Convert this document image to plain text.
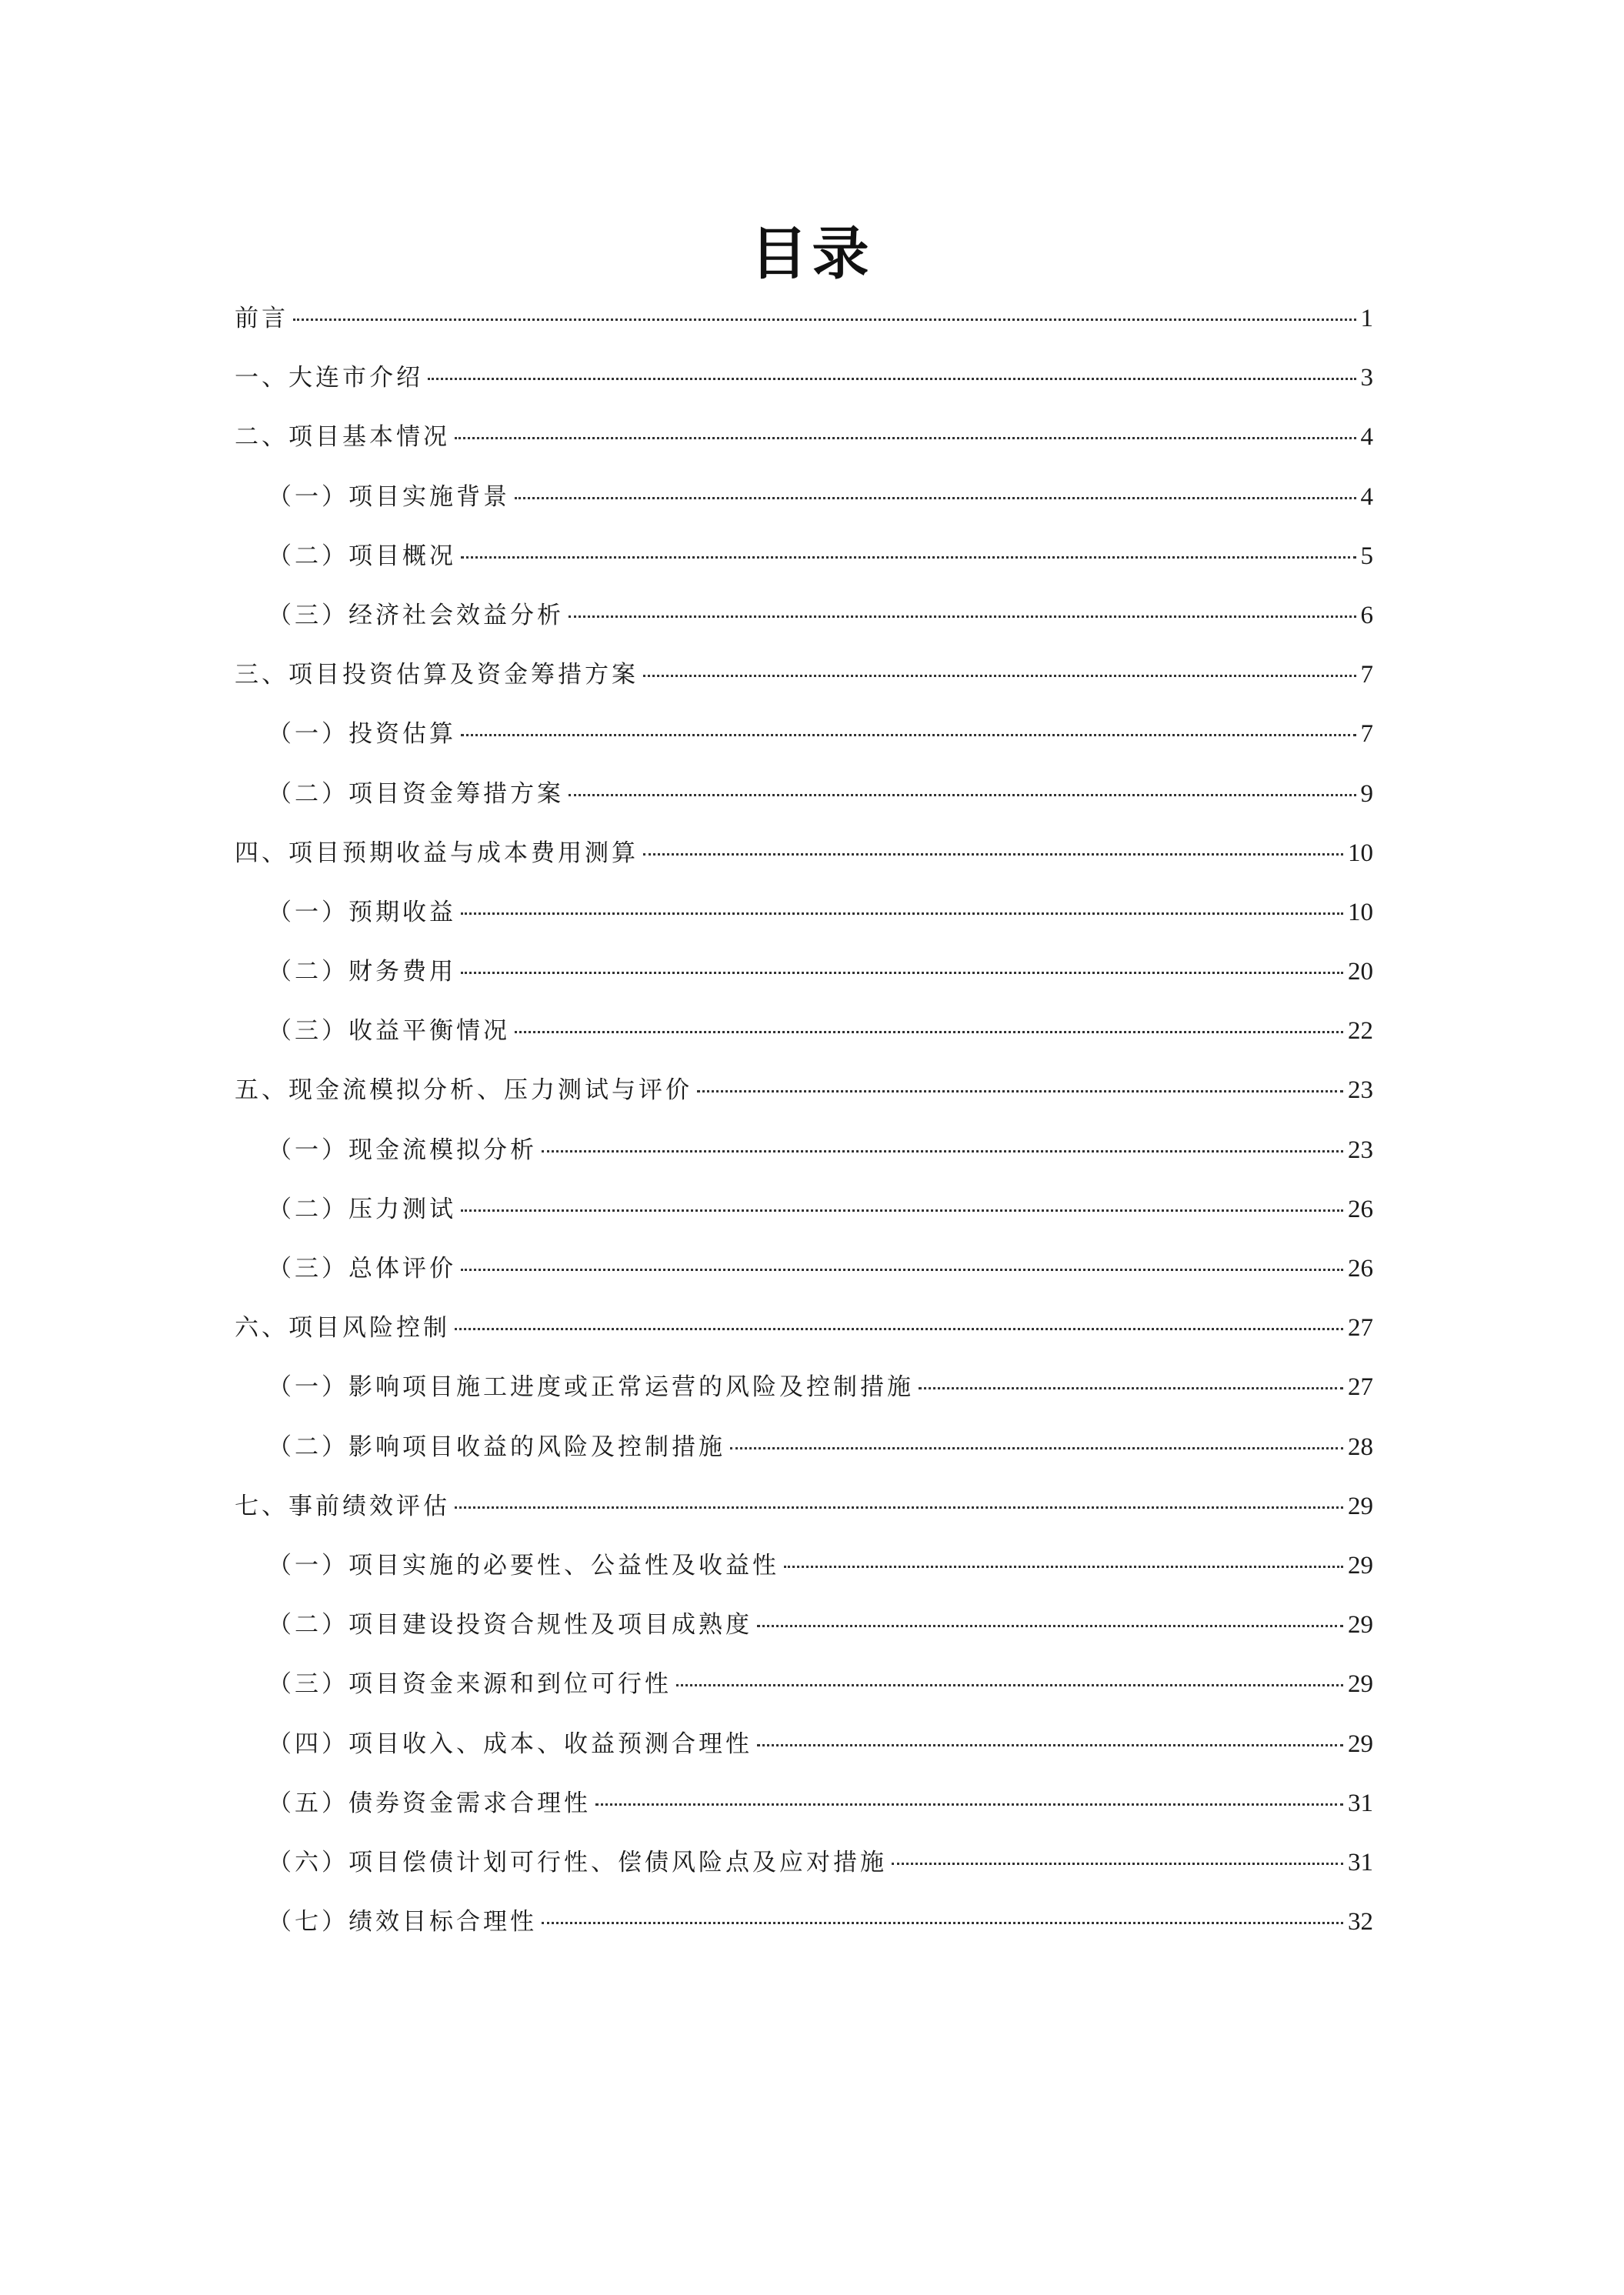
目录
前言	1
一、大连市介绍	3
二、项目基本情况	4
（一）项目实施背景	4
（二）项目概况	5
（三）经济社会效益分析	6
三、项目投资估算及资金筹措方案	7
（一）投资估算	7
（二）项目资金筹措方案	9
四、项目预期收益与成本费用测算	10
（一）预期收益	10
（二）财务费用	20
（三）收益平衡情况	22
五、现金流模拟分析、压力测试与评价	23
（一）现金流模拟分析	23
（二）压力测试	26
（三）总体评价	26
六、项目风险控制	27
（一）影响项目施工进度或正常运营的风险及控制措施	27
（二）影响项目收益的风险及控制措施	28
七、事前绩效评估	29
（一）项目实施的必要性、公益性及收益性	29
（二）项目建设投资合规性及项目成熟度	29
（三）项目资金来源和到位可行性	29
（四）项目收入、成本、收益预测合理性	29
（五）债券资金需求合理性	31
（六）项目偿债计划可行性、偿债风险点及应对措施	31
（七）绩效目标合理性	32
